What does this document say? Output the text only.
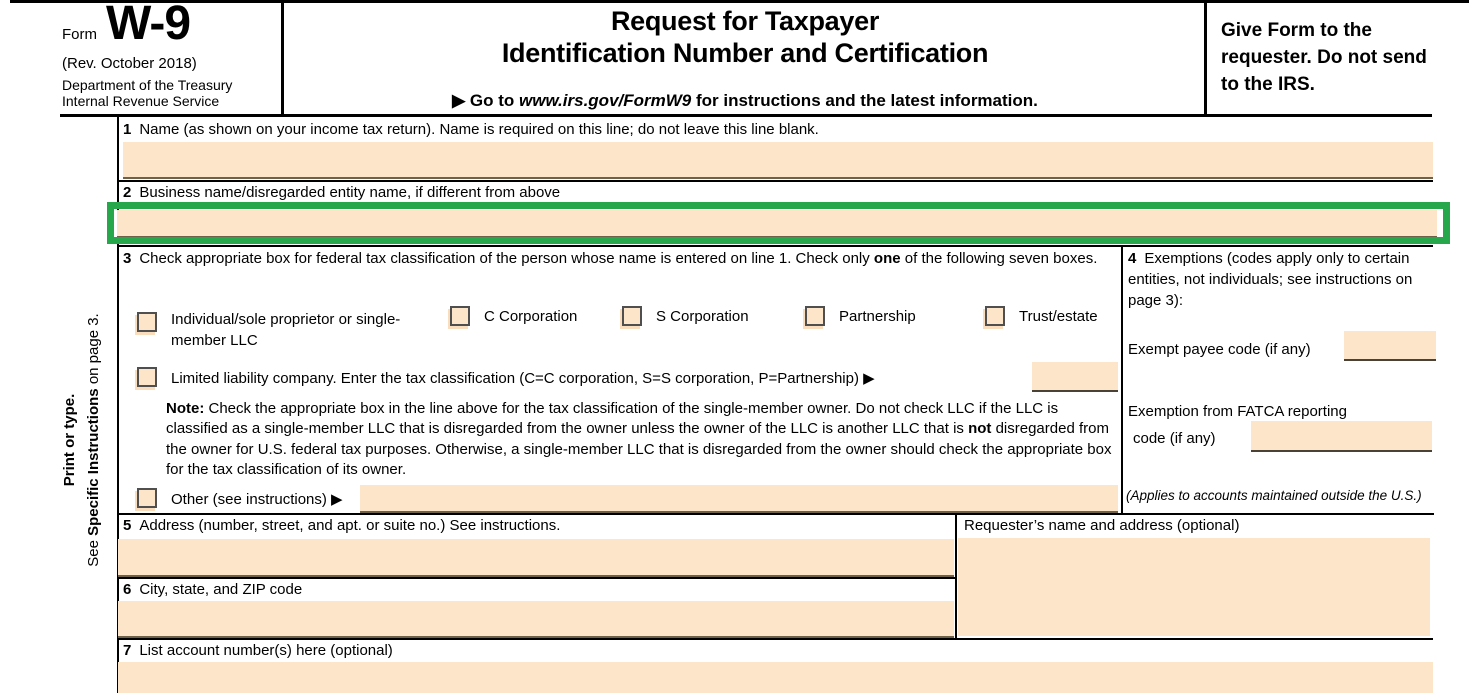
Form W-9
(Rev. October 2018)
Department of the Treasury
Internal Revenue Service
Request for Taxpayer
Identification Number and Certification
▶ Go to www.irs.gov/FormW9 for instructions and the latest information.
Give Form to the requester. Do not send to the IRS.
Print or type.
See Specific Instructions on page 3.
1 Name (as shown on your income tax return). Name is required on this line; do not leave this line blank.
2 Business name/disregarded entity name, if different from above
3 Check appropriate box for federal tax classification of the person whose name is entered on line 1. Check only one of the following seven boxes.
Individual/sole proprietor or single-member LLC
C Corporation	S Corporation	Partnership	Trust/estate
Limited liability company. Enter the tax classification (C=C corporation, S=S corporation, P=Partnership) ▶
Note: Check the appropriate box in the line above for the tax classification of the single-member owner. Do not check LLC if the LLC is classified as a single-member LLC that is disregarded from the owner unless the owner of the LLC is another LLC that is not disregarded from the owner for U.S. federal tax purposes. Otherwise, a single-member LLC that is disregarded from the owner should check the appropriate box for the tax classification of its owner.
Other (see instructions) ▶
4 Exemptions (codes apply only to certain entities, not individuals; see instructions on page 3):
Exempt payee code (if any)
Exemption from FATCA reporting
code (if any)
(Applies to accounts maintained outside the U.S.)
5 Address (number, street, and apt. or suite no.) See instructions.
6 City, state, and ZIP code
Requester’s name and address (optional)
7 List account number(s) here (optional)
